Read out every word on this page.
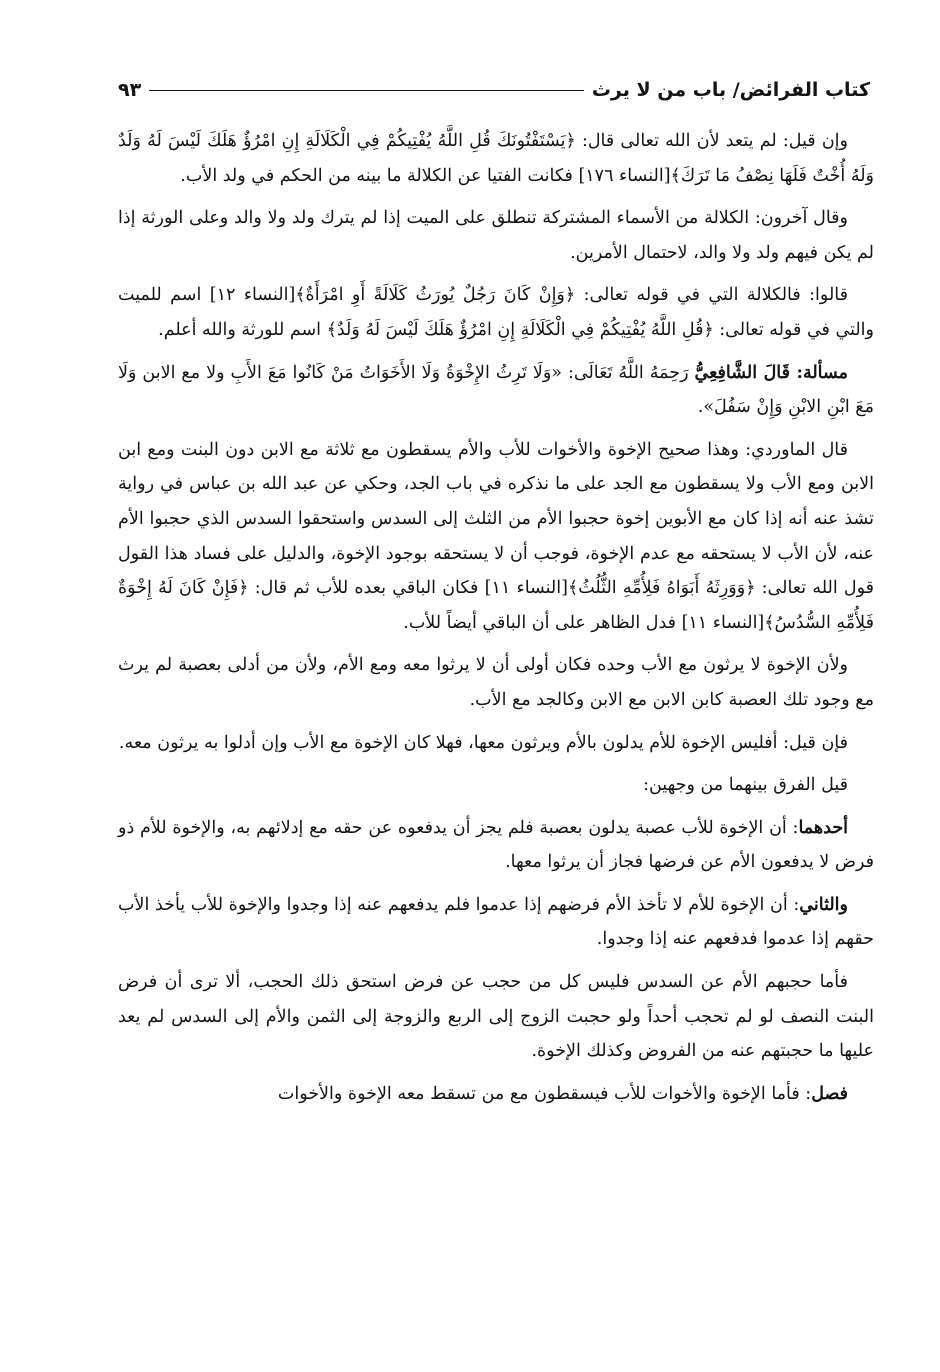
كتاب الفرائض/ باب من لا يرث
٩٣

وإن قيل: لم يتعد لأن الله تعالى قال: ﴿يَسْتَفْتُونَكَ قُلِ اللَّهُ يُفْتِيكُمْ فِي الْكَلَالَةِ إِنِ امْرُؤٌ هَلَكَ لَيْسَ لَهُ وَلَدٌ وَلَهُ أُخْتٌ فَلَهَا نِصْفُ مَا تَرَكَ﴾[النساء ١٧٦] فكانت الفتيا عن الكلالة ما بينه من الحكم في ولد الأب.

وقال آخرون: الكلالة من الأسماء المشتركة تنطلق على الميت إذا لم يترك ولد ولا والد وعلى الورثة إذا لم يكن فيهم ولد ولا والد، لاحتمال الأمرين.

قالوا: فالكلالة التي في قوله تعالى: ﴿وَإِنْ كَانَ رَجُلٌ يُورَثُ كَلَالَةً أَوِ امْرَأَةٌ﴾[النساء ١٢] اسم للميت والتي في قوله تعالى: ﴿قُلِ اللَّهُ يُفْتِيكُمْ فِي الْكَلَالَةِ إِنِ امْرُؤٌ هَلَكَ لَيْسَ لَهُ وَلَدٌ﴾ اسم للورثة والله أعلم.

مسألة: قَالَ الشَّافِعِيُّ رَحِمَهُ اللَّهُ تَعَالَى: «وَلَا تَرِثُ الإِخْوَةُ وَلَا الأَخَوَاتُ مَنْ كَانُوا مَعَ الأَبِ ولا مع الابن وَلَا مَعَ ابْنِ الابْنِ وَإِنْ سَفُلَ».

قال الماوردي: وهذا صحيح الإخوة والأخوات للأب والأم يسقطون مع ثلاثة مع الابن دون البنت ومع ابن الابن ومع الأب ولا يسقطون مع الجد على ما نذكره في باب الجد، وحكي عن عبد الله بن عباس في رواية تشذ عنه أنه إذا كان مع الأبوين إخوة حجبوا الأم من الثلث إلى السدس واستحقوا السدس الذي حجبوا الأم عنه، لأن الأب لا يستحقه مع عدم الإخوة، فوجب أن لا يستحقه بوجود الإخوة، والدليل على فساد هذا القول قول الله تعالى: ﴿وَوَرِثَهُ أَبَوَاهُ فَلِأُمِّهِ الثُّلُثُ﴾[النساء ١١] فكان الباقي بعده للأب ثم قال: ﴿فَإِنْ كَانَ لَهُ إِخْوَةٌ فَلِأُمِّهِ السُّدُسُ﴾[النساء ١١] فدل الظاهر على أن الباقي أيضاً للأب.

ولأن الإخوة لا يرثون مع الأب وحده فكان أولى أن لا يرثوا معه ومع الأم، ولأن من أدلى بعصبة لم يرث مع وجود تلك العصبة كابن الابن مع الابن وكالجد مع الأب.

فإن قيل: أفليس الإخوة للأم يدلون بالأم ويرثون معها، فهلا كان الإخوة مع الأب وإن أدلوا به يرثون معه.

قيل الفرق بينهما من وجهين:

أحدهما: أن الإخوة للأب عصبة يدلون بعصبة فلم يجز أن يدفعوه عن حقه مع إدلائهم به، والإخوة للأم ذو فرض لا يدفعون الأم عن فرضها فجاز أن يرثوا معها.

والثاني: أن الإخوة للأم لا تأخذ الأم فرضهم إذا عدموا فلم يدفعهم عنه إذا وجدوا والإخوة للأب يأخذ الأب حقهم إذا عدموا فدفعهم عنه إذا وجدوا.

فأما حجبهم الأم عن السدس فليس كل من حجب عن فرض استحق ذلك الحجب، ألا ترى أن فرض البنت النصف لو لم تحجب أحداً ولو حجبت الزوج إلى الربع والزوجة إلى الثمن والأم إلى السدس لم يعد عليها ما حجبتهم عنه من الفروض وكذلك الإخوة.

فصل: فأما الإخوة والأخوات للأب فيسقطون مع من تسقط معه الإخوة والأخوات
